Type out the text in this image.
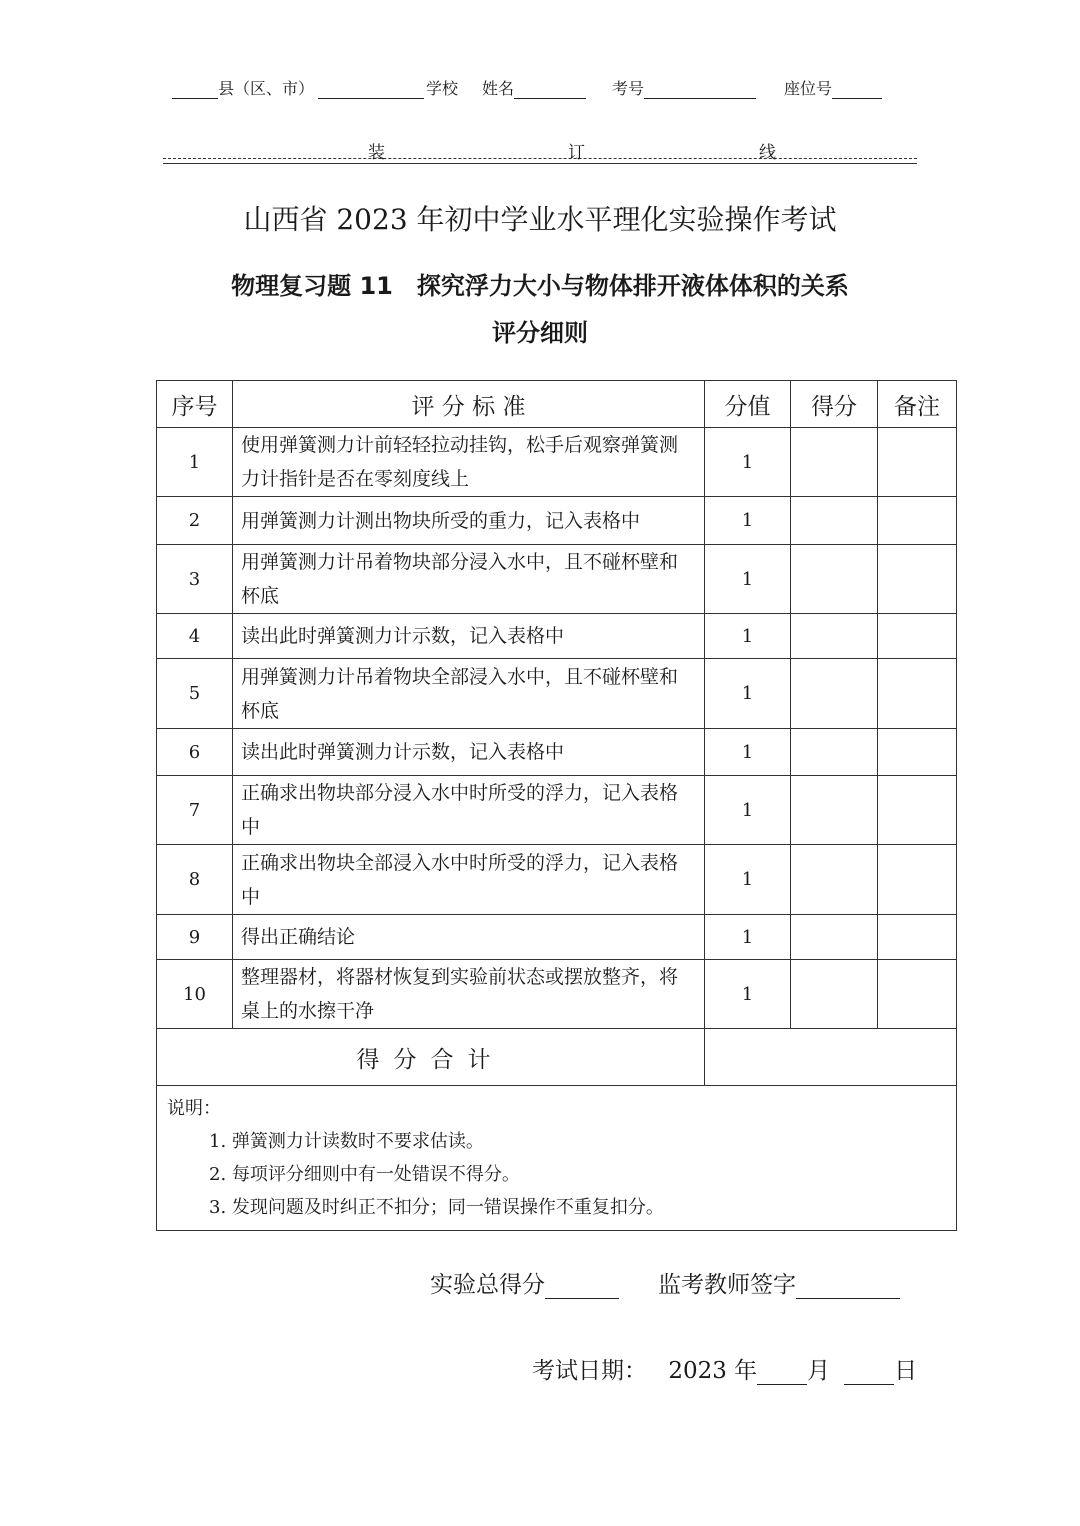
县（区、市）	学校 姓名	考号	座位号
装	订	线
山西省 2023 年初中学业水平理化实验操作考试
物理复习题 11　探究浮力大小与物体排开液体体积的关系
评分细则
序号	评 分 标 准	分值	得分	备注
1	使用弹簧测力计前轻轻拉动挂钩，松手后观察弹簧测力计指针是否在零刻度线上	1		
2	用弹簧测力计测出物块所受的重力，记入表格中	1		
3	用弹簧测力计吊着物块部分浸入水中，且不碰杯壁和杯底	1		
4	读出此时弹簧测力计示数，记入表格中	1		
5	用弹簧测力计吊着物块全部浸入水中，且不碰杯壁和杯底	1		
6	读出此时弹簧测力计示数，记入表格中	1		
7	正确求出物块部分浸入水中时所受的浮力，记入表格中	1		
8	正确求出物块全部浸入水中时所受的浮力，记入表格中	1		
9	得出正确结论	1		
10	整理器材，将器材恢复到实验前状态或摆放整齐，将桌上的水擦干净	1		
得分合计				

说明：
1. 弹簧测力计读数时不要求估读。
2. 每项评分细则中有一处错误不得分。
3. 发现问题及时纠正不扣分；同一错误操作不重复扣分。				
实验总得分	监考教师签字
考试日期： 2023 年 月	日
